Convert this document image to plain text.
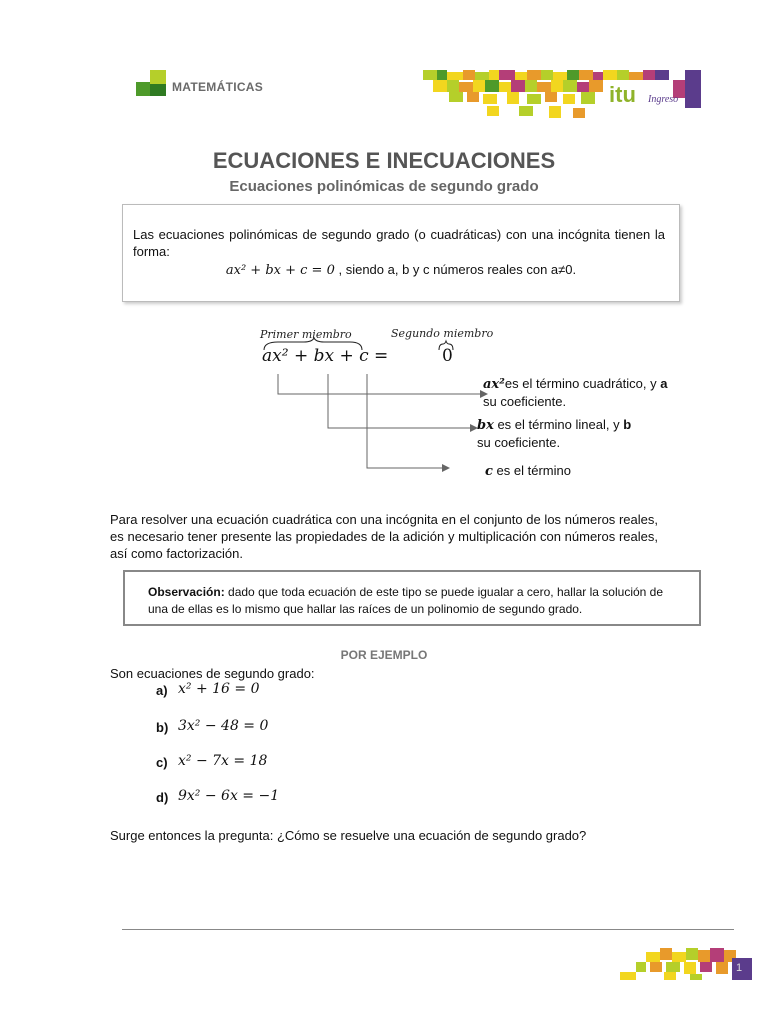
MATEMÁTICAS	itu Ingreso
ECUACIONES E INECUACIONES
Ecuaciones polinómicas de segundo grado

Las ecuaciones polinómicas de segundo grado (o cuadráticas) con una incógnita tienen la forma:

ax² + bx + c = 0 , siendo a, b y c números reales con a≠0.

Primer miembro	Segundo miembro
ax² + bx + c =	0
ax²es el término cuadrático, y a
su coeficiente.
bx es el término lineal, y b
su coeficiente.
c es el término
Para resolver una ecuación cuadrática con una incógnita en el conjunto de los números reales, es necesario tener presente las propiedades de la adición y multiplicación con números reales, así como factorización.

Observación: dado que toda ecuación de este tipo se puede igualar a cero, hallar la solución de una de ellas es lo mismo que hallar las raíces de un polinomio de segundo grado.

POR EJEMPLO
Son ecuaciones de segundo grado:
a) x² + 16 = 0
b) 3x² − 48 = 0
c) x² − 7x = 18
d) 9x² − 6x = −1
Surge entonces la pregunta: ¿Cómo se resuelve una ecuación de segundo grado?
1
